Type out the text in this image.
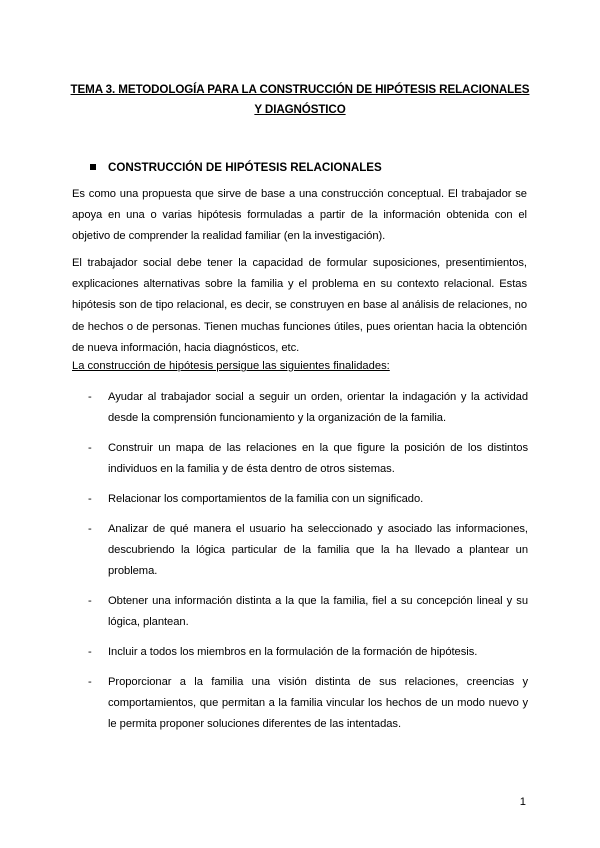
TEMA 3. METODOLOGÍA PARA LA CONSTRUCCIÓN DE HIPÓTESIS RELACIONALES
Y DIAGNÓSTICO
CONSTRUCCIÓN DE HIPÓTESIS RELACIONALES

Es como una propuesta que sirve de base a una construcción conceptual. El trabajador se apoya en una o varias hipótesis formuladas a partir de la información obtenida con el objetivo de comprender la realidad familiar (en la investigación).

El trabajador social debe tener la capacidad de formular suposiciones, presentimientos, explicaciones alternativas sobre la familia y el problema en su contexto relacional. Estas hipótesis son de tipo relacional, es decir, se construyen en base al análisis de relaciones, no de hechos o de personas. Tienen muchas funciones útiles, pues orientan hacia la obtención de nueva información, hacia diagnósticos, etc.

La construcción de hipótesis persigue las siguientes finalidades:
- Ayudar al trabajador social a seguir un orden, orientar la indagación y la actividad desde la comprensión funcionamiento y la organización de la familia.
- Construir un mapa de las relaciones en la que figure la posición de los distintos individuos en la familia y de ésta dentro de otros sistemas.
- Relacionar los comportamientos de la familia con un significado.
- Analizar de qué manera el usuario ha seleccionado y asociado las informaciones, descubriendo la lógica particular de la familia que la ha llevado a plantear un problema.
- Obtener una información distinta a la que la familia, fiel a su concepción lineal y su lógica, plantean.
- Incluir a todos los miembros en la formulación de la formación de hipótesis.
- Proporcionar a la familia una visión distinta de sus relaciones, creencias y comportamientos, que permitan a la familia vincular los hechos de un modo nuevo y le permita proponer soluciones diferentes de las intentadas.
1
